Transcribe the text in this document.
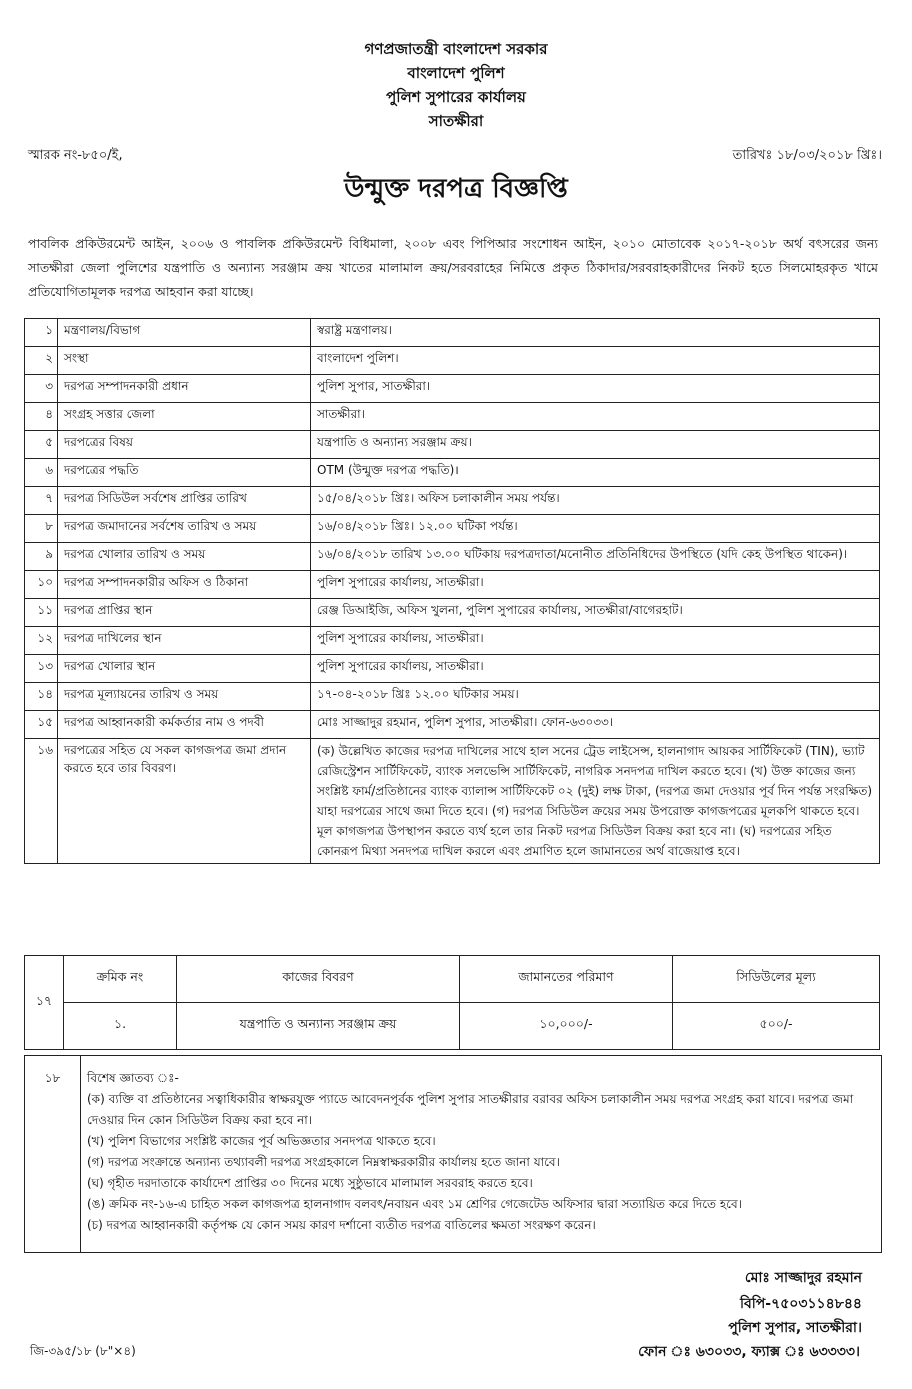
গণপ্রজাতন্ত্রী বাংলাদেশ সরকার
বাংলাদেশ পুলিশ
পুলিশ সুপারের কার্যালয়
সাতক্ষীরা
স্মারক নং-৮৫০/ই,	তারিখঃ ১৮/০৩/২০১৮ খ্রিঃ।
উন্মুক্ত দরপত্র বিজ্ঞপ্তি
পাবলিক প্রকিউরমেন্ট আইন, ২০০৬ ও পাবলিক প্রকিউরমেন্ট বিধিমালা, ২০০৮ এবং পিপিআর সংশোধন আইন, ২০১০ মোতাবেক ২০১৭-২০১৮ অর্থ বৎসরের জন্য সাতক্ষীরা জেলা পুলিশের যন্ত্রপাতি ও অন্যান্য সরঞ্জাম ক্রয় খাতের মালামাল ক্রয়/সরবরাহের নিমিত্তে প্রকৃত ঠিকাদার/সরবরাহকারীদের নিকট হতে সিলমোহরকৃত খামে প্রতিযোগিতামূলক দরপত্র আহবান করা যাচ্ছে।
১	মন্ত্রণালয়/বিভাগ	স্বরাষ্ট্র মন্ত্রণালয়।
২	সংস্থা	বাংলাদেশ পুলিশ।
৩	দরপত্র সম্পাদনকারী প্রধান	পুলিশ সুপার, সাতক্ষীরা।
৪	সংগ্রহ সত্তার জেলা	সাতক্ষীরা।
৫	দরপত্রের বিষয়	যন্ত্রপাতি ও অন্যান্য সরঞ্জাম ক্রয়।
৬	দরপত্রের পদ্ধতি	OTM (উন্মুক্ত দরপত্র পদ্ধতি)।
৭	দরপত্র সিডিউল সর্বশেষ প্রাপ্তির তারিখ	১৫/০৪/২০১৮ খ্রিঃ। অফিস চলাকালীন সময় পর্যন্ত।
৮	দরপত্র জমাদানের সর্বশেষ তারিখ ও সময়	১৬/০৪/২০১৮ খ্রিঃ। ১২.০০ ঘটিকা পর্যন্ত।
৯	দরপত্র খোলার তারিখ ও সময়	১৬/০৪/২০১৮ তারিখ ১৩.০০ ঘটিকায় দরপত্রদাতা/মনোনীত প্রতিনিধিদের উপস্থিতে (যদি কেহ উপস্থিত থাকেন)।
১০	দরপত্র সম্পাদনকারীর অফিস ও ঠিকানা	পুলিশ সুপারের কার্যালয়, সাতক্ষীরা।
১১	দরপত্র প্রাপ্তির স্থান	রেঞ্জ ডিআইজি, অফিস খুলনা, পুলিশ সুপারের কার্যালয়, সাতক্ষীরা/বাগেরহাট।
১২	দরপত্র দাখিলের স্থান	পুলিশ সুপারের কার্যালয়, সাতক্ষীরা।
১৩	দরপত্র খোলার স্থান	পুলিশ সুপারের কার্যালয়, সাতক্ষীরা।
১৪	দরপত্র মূল্যায়নের তারিখ ও সময়	১৭-০৪-২০১৮ খ্রিঃ ১২.০০ ঘটিকার সময়।
১৫	দরপত্র আহ্বানকারী কর্মকর্তার নাম ও পদবী	মোঃ সাজ্জাদুর রহমান, পুলিশ সুপার, সাতক্ষীরা। ফোন-৬৩০৩৩।
১৬	দরপত্রের সহিত যে সকল কাগজপত্র জমা প্রদান করতে হবে তার বিবরণ।	(ক) উল্লেখিত কাজের দরপত্র দাখিলের সাথে হাল সনের ট্রেড লাইসেন্স, হালনাগাদ আয়কর সার্টিফিকেট (TIN), ভ্যাট রেজিস্ট্রেশন সার্টিফিকেট, ব্যাংক সলভেন্সি সার্টিফিকেট, নাগরিক সনদপত্র দাখিল করতে হবে। (খ) উক্ত কাজের জন্য সংশ্লিষ্ট ফার্ম/প্রতিষ্ঠানের ব্যাংক ব্যালান্স সার্টিফিকেট ০২ (দুই) লক্ষ টাকা, (দরপত্র জমা দেওয়ার পূর্ব দিন পর্যন্ত সংরক্ষিত) যাহা দরপত্রের সাথে জমা দিতে হবে। (গ) দরপত্র সিডিউল ক্রয়ের সময় উপরোক্ত কাগজপত্রের মূলকপি থাকতে হবে। মূল কাগজপত্র উপস্থাপন করতে ব্যর্থ হলে তার নিকট দরপত্র সিডিউল বিক্রয় করা হবে না। (ঘ) দরপত্রের সহিত কোনরূপ মিথ্যা সনদপত্র দাখিল করলে এবং প্রমাণিত হলে জামানতের অর্থ বাজেয়াপ্ত হবে।
১৭	ক্রমিক নং	কাজের বিবরণ	জামানতের পরিমাণ	সিডিউলের মূল্য
	১.	যন্ত্রপাতি ও অন্যান্য সরঞ্জাম ক্রয়	১০,০০০/-	৫০০/-
১৮	বিশেষ জ্ঞাতব্য ঃ-
(ক) ব্যক্তি বা প্রতিষ্ঠানের সত্বাধিকারীর স্বাক্ষরযুক্ত প্যাডে আবেদনপূর্বক পুলিশ সুপার সাতক্ষীরার বরাবর অফিস চলাকালীন সময় দরপত্র সংগ্রহ করা যাবে। দরপত্র জমা দেওয়ার দিন কোন সিডিউল বিক্রয় করা হবে না।
(খ) পুলিশ বিভাগের সংশ্লিষ্ট কাজের পূর্ব অভিজ্ঞতার সনদপত্র থাকতে হবে।
(গ) দরপত্র সংক্রান্তে অন্যান্য তথ্যাবলী দরপত্র সংগ্রহকালে নিম্নস্বাক্ষরকারীর কার্যালয় হতে জানা যাবে।
(ঘ) গৃহীত দরদাতাকে কার্যাদেশ প্রাপ্তির ৩০ দিনের মধ্যে সুষ্ঠুভাবে মালামাল সরবরাহ করতে হবে।
(ঙ) ক্রমিক নং-১৬-এ চাহিত সকল কাগজপত্র হালনাগাদ বলবৎ/নবায়ন এবং ১ম শ্রেণির গেজেটেড অফিসার দ্বারা সত্যায়িত করে দিতে হবে।
(চ) দরপত্র আহ্বানকারী কর্তৃপক্ষ যে কোন সময় কারণ দর্শানো ব্যতীত দরপত্র বাতিলের ক্ষমতা সংরক্ষণ করেন।
মোঃ সাজ্জাদুর রহমান
বিপি-৭৫০৩১১৪৮৪৪
পুলিশ সুপার, সাতক্ষীরা।
জি-৩৯৫/১৮ (৮"×৪)	ফোন ঃ ৬৩০৩৩, ফ্যাক্স ঃ ৬৩৩৩৩।
